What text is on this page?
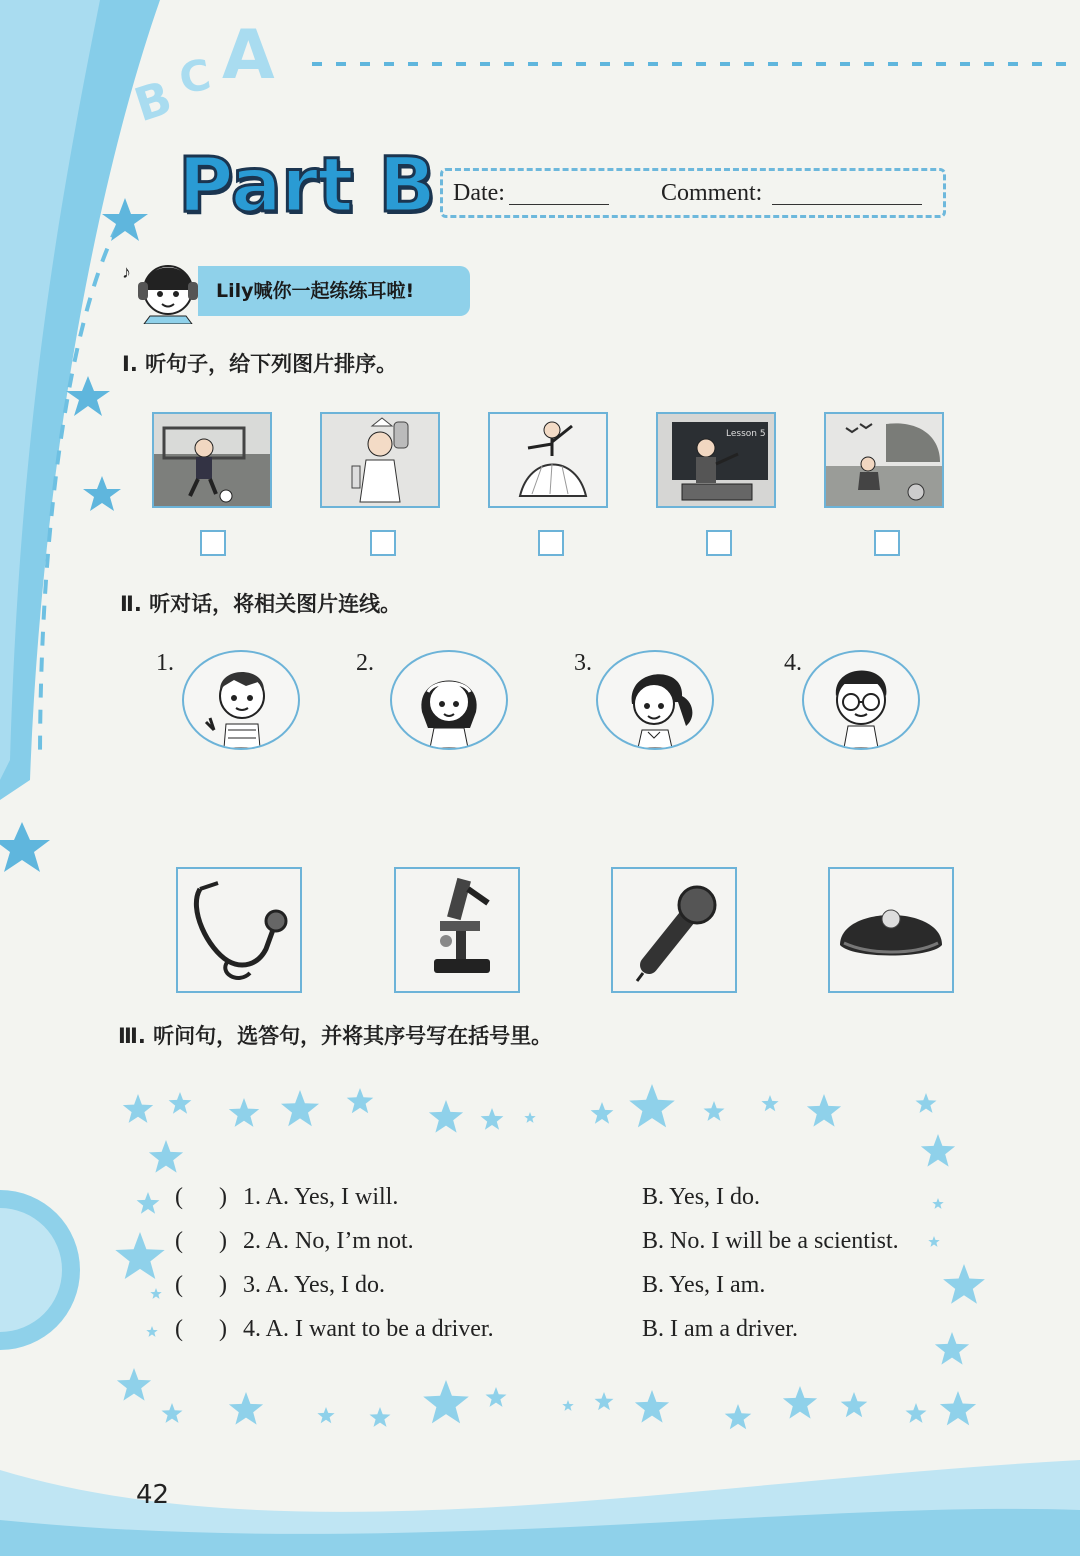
B
C A
Part B Date:	Comment:
♪
Lily喊你一起练练耳啦!
Ⅰ. 听句子，给下列图片排序。
Lesson 5
Ⅱ. 听对话，将相关图片连线。
1.	2.	3.	4.
Ⅲ. 听问句，选答句，并将其序号写在括号里。
(      ) 1. A. Yes, I will.	B. Yes, I do.
(      ) 2. A. No, I’m not.	B. No. I will be a scientist.
(      ) 3. A. Yes, I do.	B. Yes, I am.
(      ) 4. A. I want to be a driver.	B. I am a driver.
42
